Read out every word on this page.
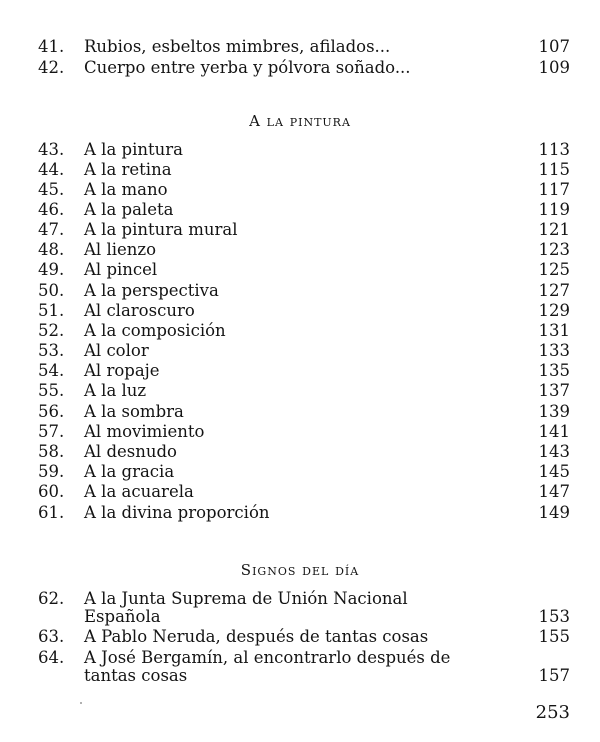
41.	Rubios, esbeltos mimbres, afilados...	107
42.	Cuerpo entre yerba y pólvora soñado...	109
A la pintura
43.	A la pintura	113
44.	A la retina	115
45.	A la mano	117
46.	A la paleta	119
47.	A la pintura mural	121
48.	Al lienzo	123
49.	Al pincel	125
50.	A la perspectiva	127
51.	Al claroscuro	129
52.	A la composición	131
53.	Al color	133
54.	Al ropaje	135
55.	A la luz	137
56.	A la sombra	139
57.	Al movimiento	141
58.	Al desnudo	143
59.	A la gracia	145
60.	A la acuarela	147
61.	A la divina proporción	149
Signos del día
62.	A la Junta Suprema de Unión Nacional
Española	153
63.	A Pablo Neruda, después de tantas cosas	155
64.	A José Bergamín, al encontrarlo después de
tantas cosas	157
253
